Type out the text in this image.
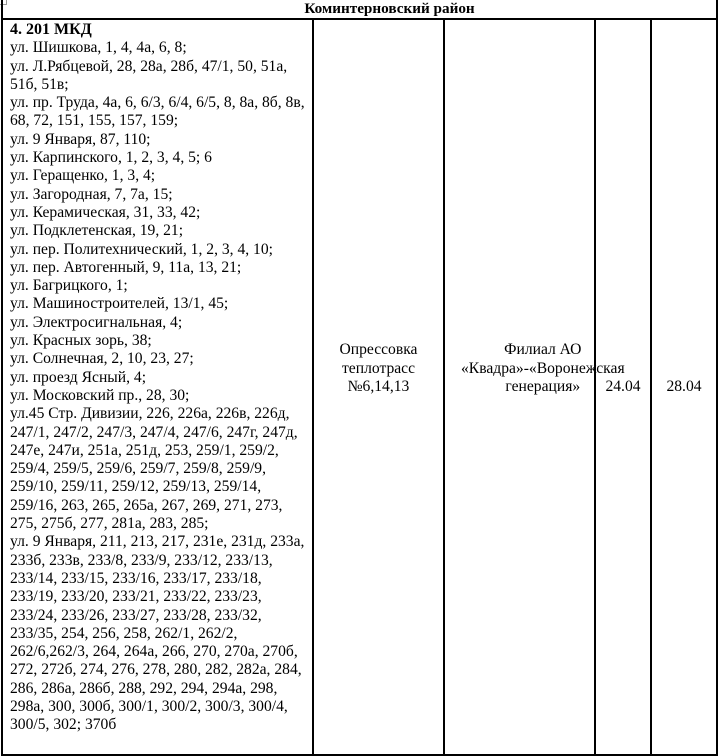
Коминтерновский район

4. 201 МКД
ул. Шишкова, 1, 4, 4а, 6, 8;
ул. Л.Рябцевой, 28, 28а, 28б, 47/1, 50, 51а, 51б, 51в;
ул. пр. Труда, 4а, 6, 6/3, 6/4, 6/5, 8, 8а, 8б, 8в, 68, 72, 151, 155, 157, 159;
ул. 9 Января, 87, 110;
ул. Карпинского, 1, 2, 3, 4, 5; 6
ул. Геращенко, 1, 3, 4;
ул. Загородная, 7, 7а, 15;
ул. Керамическая, 31, 33, 42;
ул. Подклетенская, 19, 21;
ул. пер. Политехнический, 1, 2, 3, 4, 10;
ул. пер. Автогенный, 9, 11а, 13, 21;
ул. Багрицкого, 1;
ул. Машиностроителей, 13/1, 45;
ул. Электросигнальная, 4;
ул. Красных зорь, 38;
ул. Солнечная, 2, 10, 23, 27;
ул. проезд Ясный, 4;
ул. Московский пр., 28, 30;
ул.45 Стр. Дивизии, 226, 226а, 226в, 226д, 247/1, 247/2, 247/3, 247/4, 247/6, 247г, 247д, 247е, 247и, 251а, 251д, 253, 259/1, 259/2, 259/4, 259/5, 259/6, 259/7, 259/8, 259/9, 259/10, 259/11, 259/12, 259/13, 259/14, 259/16, 263, 265, 265а, 267, 269, 271, 273, 275, 275б, 277, 281а, 283, 285;
ул. 9 Января, 211, 213, 217, 231е, 231д, 233а, 233б, 233в, 233/8, 233/9, 233/12, 233/13, 233/14, 233/15, 233/16, 233/17, 233/18, 233/19, 233/20, 233/21, 233/22, 233/23, 233/24, 233/26, 233/27, 233/28, 233/32, 233/35, 254, 256, 258, 262/1, 262/2, 262/6,262/3, 264, 264а, 266, 270, 270а, 270б, 272, 272б, 274, 276, 278, 280, 282, 282а, 284, 286, 286а, 286б, 288, 292, 294, 294а, 298, 298а, 300, 300б, 300/1, 300/2, 300/3, 300/4, 300/5, 302; 370б
	Опрессовка теплотрасс №6,14,13	Филиал АО «Квадра»-«Воронежская генерация»	24.04	28.04
